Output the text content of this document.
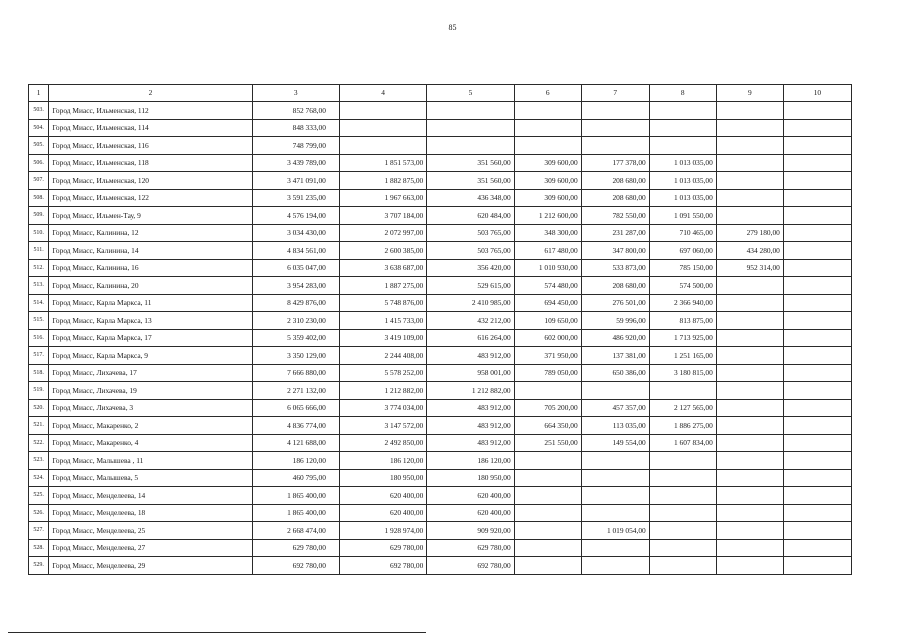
85
1	2	3	4	5	6	7	8	9	10
503.	Город Миасс, Ильменская, 112	852 768,00							
504.	Город Миасс, Ильменская, 114	848 333,00							
505.	Город Миасс, Ильменская, 116	748 799,00							
506.	Город Миасс, Ильменская, 118	3 439 789,00	1 851 573,00	351 560,00	309 600,00	177 378,00	1 013 035,00		
507.	Город Миасс, Ильменская, 120	3 471 091,00	1 882 875,00	351 560,00	309 600,00	208 680,00	1 013 035,00		
508.	Город Миасс, Ильменская, 122	3 591 235,00	1 967 663,00	436 348,00	309 600,00	208 680,00	1 013 035,00		
509.	Город Миасс, Ильмен-Тау, 9	4 576 194,00	3 707 184,00	620 484,00	1 212 600,00	782 550,00	1 091 550,00		
510.	Город Миасс, Калинина, 12	3 034 430,00	2 072 997,00	503 765,00	348 300,00	231 287,00	710 465,00	279 180,00	
511.	Город Миасс, Калинина, 14	4 834 561,00	2 600 385,00	503 765,00	617 480,00	347 800,00	697 060,00	434 280,00	
512.	Город Миасс, Калинина, 16	6 035 047,00	3 638 687,00	356 420,00	1 010 930,00	533 873,00	785 150,00	952 314,00	
513.	Город Миасс, Калинина, 20	3 954 283,00	1 887 275,00	529 615,00	574 480,00	208 680,00	574 500,00		
514.	Город Миасс, Карла Маркса, 11	8 429 876,00	5 748 876,00	2 410 985,00	694 450,00	276 501,00	2 366 940,00		
515.	Город Миасс, Карла Маркса, 13	2 310 230,00	1 415 733,00	432 212,00	109 650,00	59 996,00	813 875,00		
516.	Город Миасс, Карла Маркса, 17	5 359 402,00	3 419 109,00	616 264,00	602 000,00	486 920,00	1 713 925,00		
517.	Город Миасс, Карла Маркса, 9	3 350 129,00	2 244 408,00	483 912,00	371 950,00	137 381,00	1 251 165,00		
518.	Город Миасс, Лихачева, 17	7 666 880,00	5 578 252,00	958 001,00	789 050,00	650 386,00	3 180 815,00		
519.	Город Миасс, Лихачева, 19	2 271 132,00	1 212 882,00	1 212 882,00					
520.	Город Миасс, Лихачева, 3	6 065 666,00	3 774 034,00	483 912,00	705 200,00	457 357,00	2 127 565,00		
521.	Город Миасс, Макаренко, 2	4 836 774,00	3 147 572,00	483 912,00	664 350,00	113 035,00	1 886 275,00		
522.	Город Миасс, Макаренко, 4	4 121 688,00	2 492 850,00	483 912,00	251 550,00	149 554,00	1 607 834,00		
523.	Город Миасс, Малышева , 11	186 120,00	186 120,00	186 120,00					
524.	Город Миасс, Малышева, 5	460 795,00	180 950,00	180 950,00					
525.	Город Миасс, Менделеева, 14	1 865 400,00	620 400,00	620 400,00					
526.	Город Миасс, Менделеева, 18	1 865 400,00	620 400,00	620 400,00					
527.	Город Миасс, Менделеева, 25	2 668 474,00	1 928 974,00	909 920,00		1 019 054,00			
528.	Город Миасс, Менделеева, 27	629 780,00	629 780,00	629 780,00					
529.	Город Миасс, Менделеева, 29	692 780,00	692 780,00	692 780,00					
